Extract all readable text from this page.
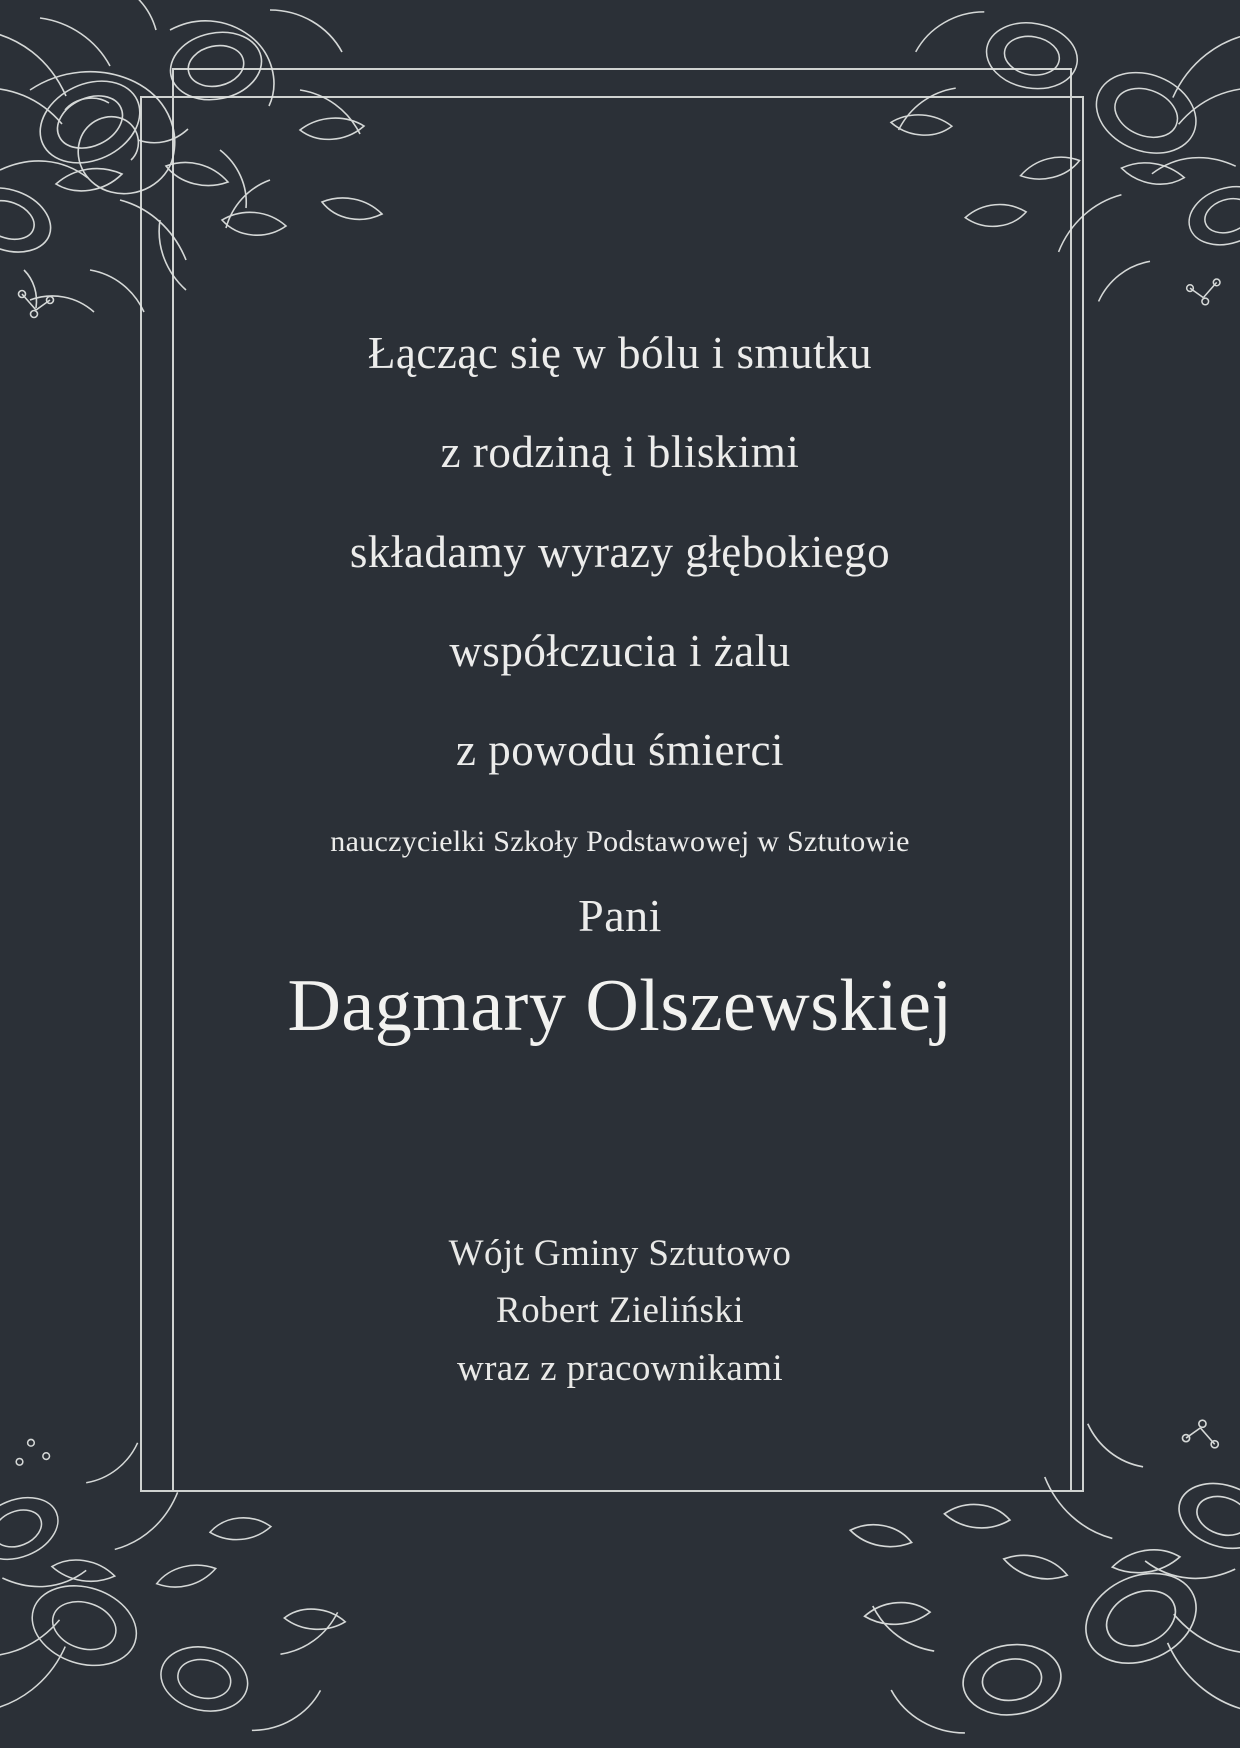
Łącząc się w bólu i smutku

z rodziną i bliskimi

składamy wyrazy głębokiego

współczucia i żalu

z powodu śmierci

nauczycielki Szkoły Podstawowej w Sztutowie

Pani

Dagmary Olszewskiej

Wójt Gminy Sztutowo

Robert Zieliński

wraz z pracownikami
